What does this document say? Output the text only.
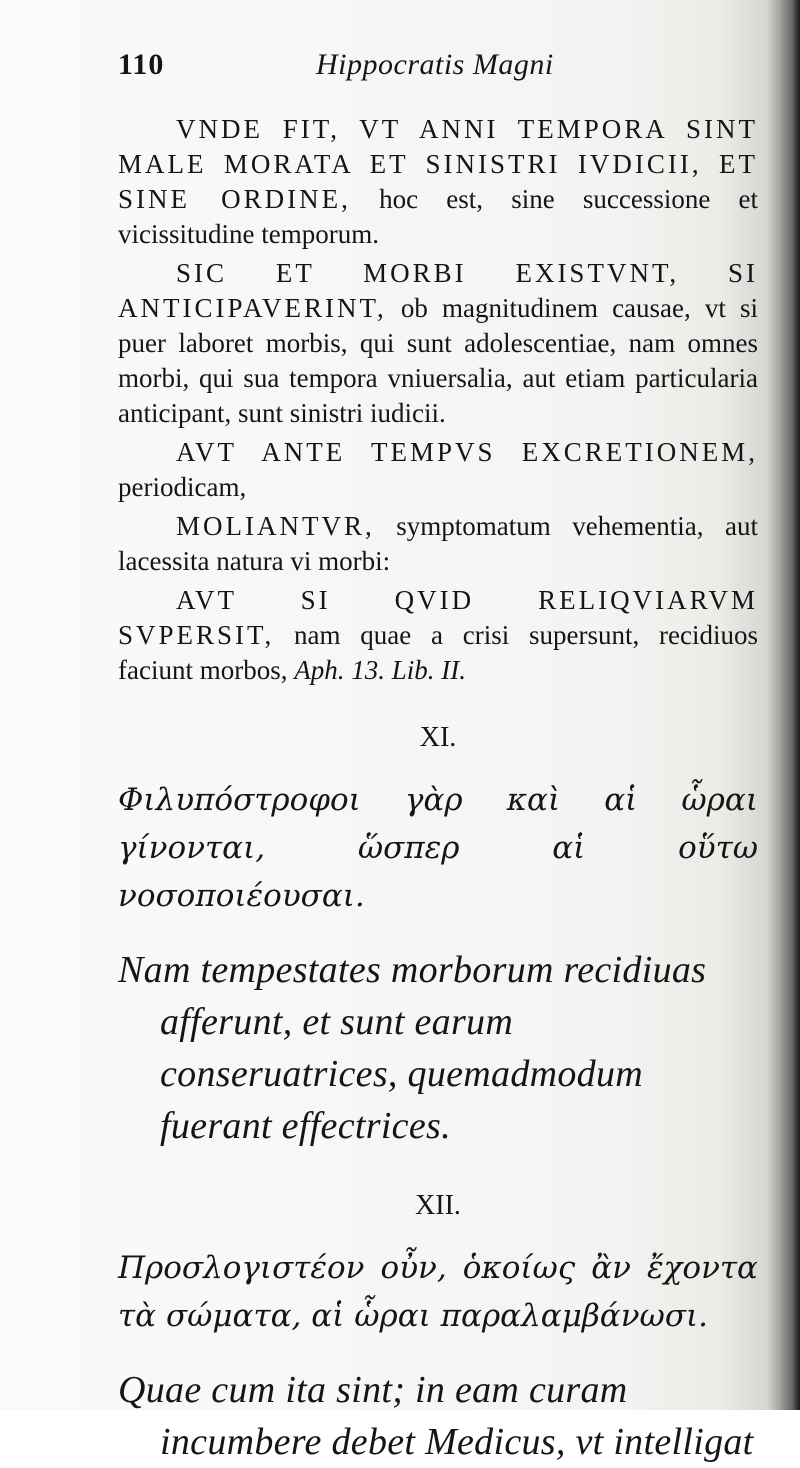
110	Hippocratis Magni

VNDE FIT, VT ANNI TEMPORA SINT MALE MORATA ET SINISTRI IVDICII, ET SINE ORDINE, hoc est, sine successione et vicissitudine temporum.

SIC ET MORBI EXISTVNT, SI ANTICIPAVERINT, ob magnitudinem causae, vt si puer laboret morbis, qui sunt adolescentiae, nam omnes morbi, qui sua tempora vniuersalia, aut etiam particularia anticipant, sunt sinistri iudicii.

AVT ANTE TEMPVS EXCRETIONEM, periodicam,

MOLIANTVR, symptomatum vehementia, aut lacessita natura vi morbi:

AVT SI QVID RELIQVIARVM SVPERSIT, nam quae a crisi supersunt, recidiuos faciunt morbos, Aph. 13. Lib. II.

XI.

Φιλυπόστροφοι γὰρ καὶ αἱ ὧραι γίνονται, ὥσπερ αἱ οὕτω νοσοποιέουσαι.

Nam tempestates morborum recidiuas afferunt, et sunt earum conseruatrices, quemadmodum fuerant effectrices.

XII.

Προσλογιστέον οὖν, ὁκοίως ἂν ἔχοντα τὰ σώματα, αἱ ὧραι παραλαμβάνωσι.

Quae cum ita sint; in eam curam incumbere debet Medicus, vt intelligat
